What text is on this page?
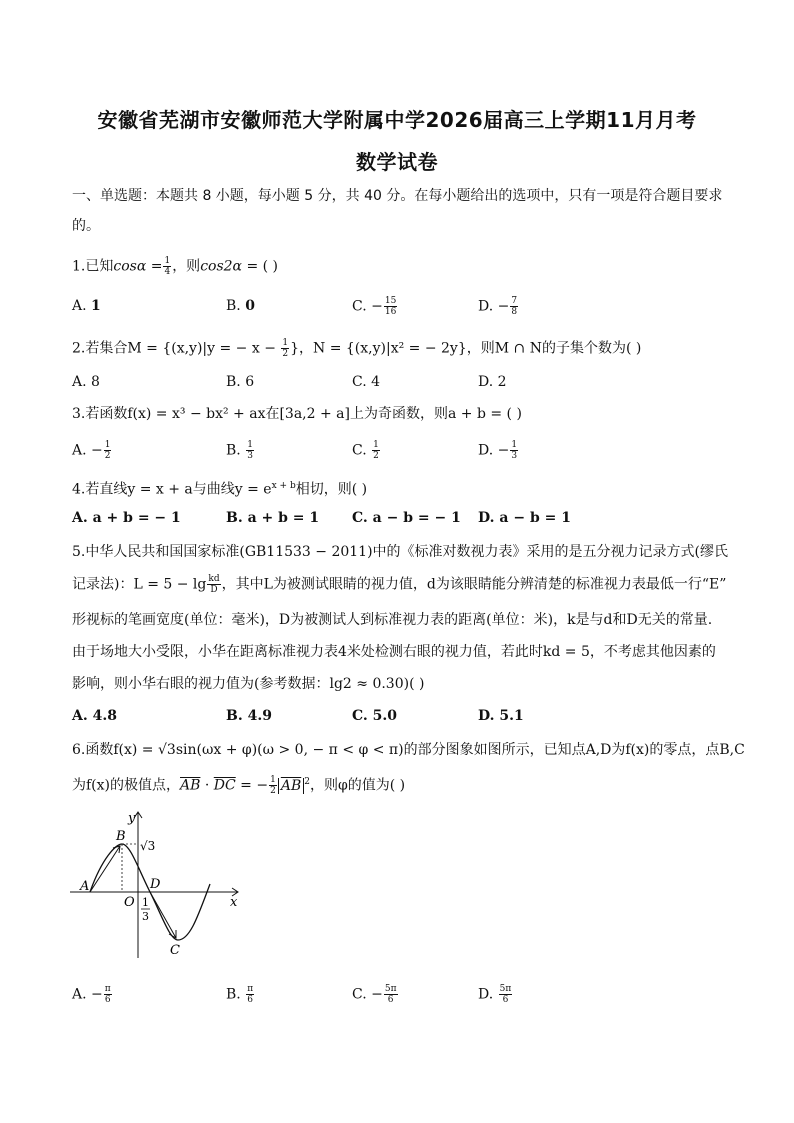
安徽省芜湖市安徽师范大学附属中学2026届高三上学期11月月考
数学试卷
一、单选题：本题共 8 小题，每小题 5 分，共 40 分。在每小题给出的选项中，只有一项是符合题目要求
的。
1.已知$\cos\alpha = \frac{1}{4}$ ，则cos2α = ( )
A. 1	B. 0	C. − $\frac{15}{16}$	D. − $\frac{7}{8}$
2.若集合M = {(x,y)|y = − $x - \frac{1}{2}$ }，N = {(x,y)|x² = − 2y}，则M ∩ N的子集个数为( )
A. 8	B. 6	C. 4	D. 2
3.若函数f(x) = x³ − bx² + ax在[3a,2 + a]上为奇函数，则a + b = ( )
A. − $\frac{1}{2}$	B. $\frac{1}{3}$	C. $\frac{1}{2}$	D. − $\frac{1}{3}$
4.若直线y = x + a与曲线$y = e^{x + b}$相切，则( )
A. a + b = − 1	B. a + b = 1 C. a − b = − 1 D. a − b = 1
5.中华人民共和国国家标准(GB11533 − 2011)中的《标准对数视力表》采用的是五分视力记录方式(缪氏
记录法)：$L = 5 - \lg \frac{kd}{D}$ ，其中L为被测试眼睛的视力值，d为该眼睛能分辨清楚的标准视力表最低一行“E”
形视标的笔画宽度(单位：毫米)，D为被测试人到标准视力表的距离(单位：米)，k是与d和D无关的常量.
由于场地大小受限，小华在距离标准视力表4米处检测右眼的视力值，若此时kd = 5，不考虑其他因素的
影响，则小华右眼的视力值为(参考数据：lg2 ≈ 0.30)( )
A. 4.8	B. 4.9	C. 5.0	D. 5.1
6.函数f(x) = √3sin(ωx + φ)(ω > 0, − π < φ < π)的部分图象如图所示，已知点A,D为f(x)的零点，点B,C
为f(x)的极值点，$\overline{AB} \cdot \overline{DC}$ = − $\frac{1}{2} \overline{AB}$ $^2$，则φ的值为( )
y
x
O
A
B
D
C
√3
1
3
A. − $\frac{\pi}{6}$	B. $\frac{\pi}{6}$	C. − $\frac{5\pi}{6}$	D. $\frac{5\pi}{6}$
